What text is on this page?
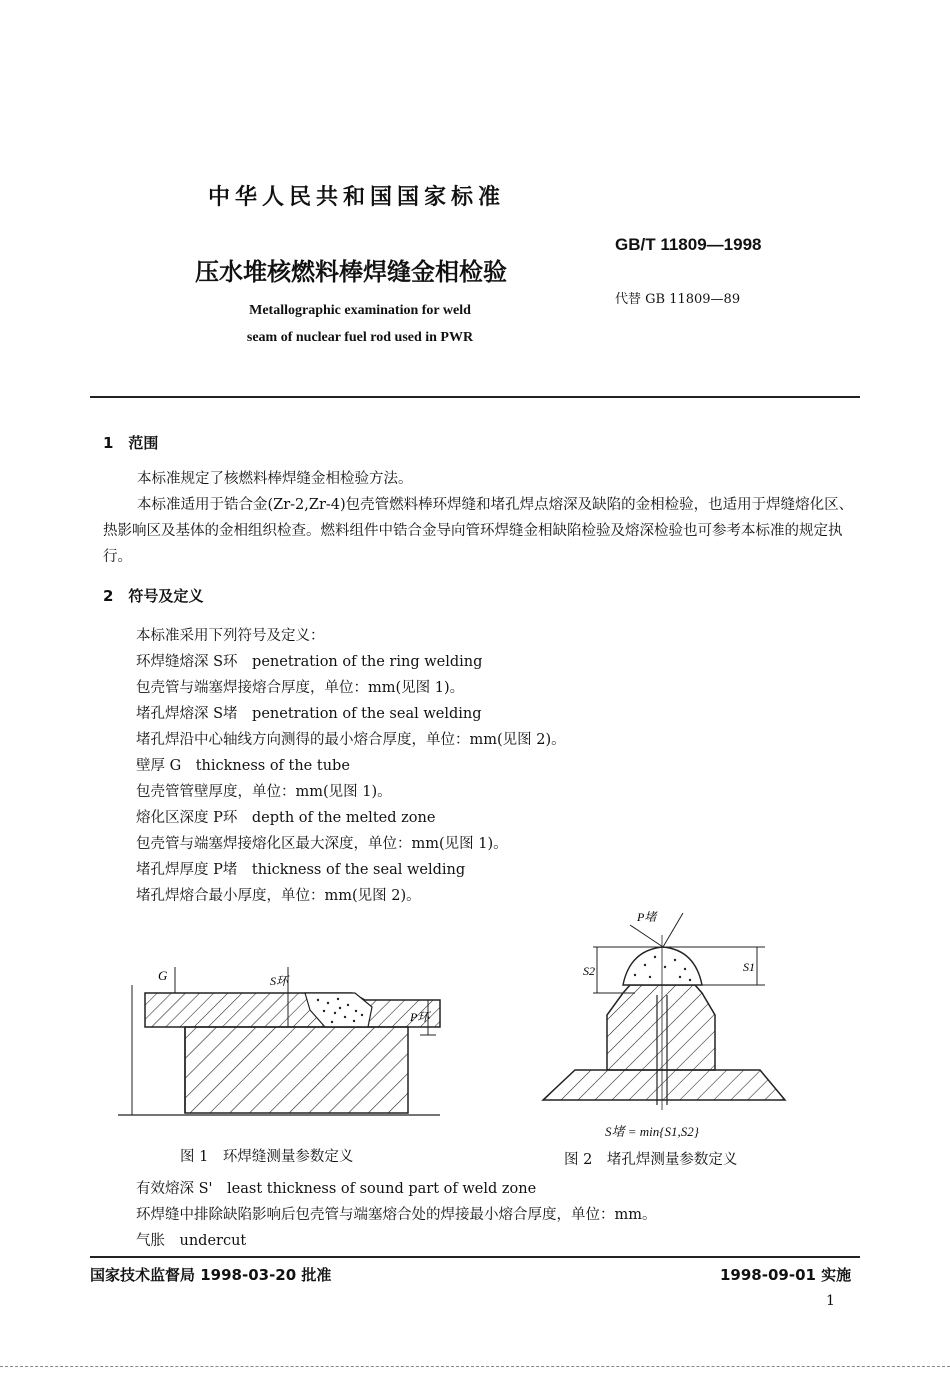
中华人民共和国国家标准
压水堆核燃料棒焊缝金相检验
Metallographic examination for weld
seam of nuclear fuel rod used in PWR
GB/T 11809—1998
代替 GB 11809—89
1　范围
本标准规定了核燃料棒焊缝金相检验方法。
本标准适用于锆合金(Zr-2,Zr-4)包壳管燃料棒环焊缝和堵孔焊点熔深及缺陷的金相检验，也适用于焊缝熔化区、热影响区及基体的金相组织检查。燃料组件中锆合金导向管环焊缝金相缺陷检验及熔深检验也可参考本标准的规定执行。
2　符号及定义
本标准采用下列符号及定义：
环焊缝熔深 S环　penetration of the ring welding
包壳管与端塞焊接熔合厚度，单位：mm(见图 1)。
堵孔焊熔深 S堵　penetration of the seal welding
堵孔焊沿中心轴线方向测得的最小熔合厚度，单位：mm(见图 2)。
壁厚 G　thickness of the tube
包壳管管壁厚度，单位：mm(见图 1)。
熔化区深度 P环　depth of the melted zone
包壳管与端塞焊接熔化区最大深度，单位：mm(见图 1)。
堵孔焊厚度 P堵　thickness of the seal welding
堵孔焊熔合最小厚度，单位：mm(见图 2)。
G	S环
P环
图 1　环焊缝测量参数定义
S2	S1
P堵
S堵 = min{S1,S2}
图 2　堵孔焊测量参数定义
有效熔深 S'　least thickness of sound part of weld zone
环焊缝中排除缺陷影响后包壳管与端塞熔合处的焊接最小熔合厚度，单位：mm。
气胀　undercut
国家技术监督局 1998-03-20 批准	1998-09-01 实施
1
